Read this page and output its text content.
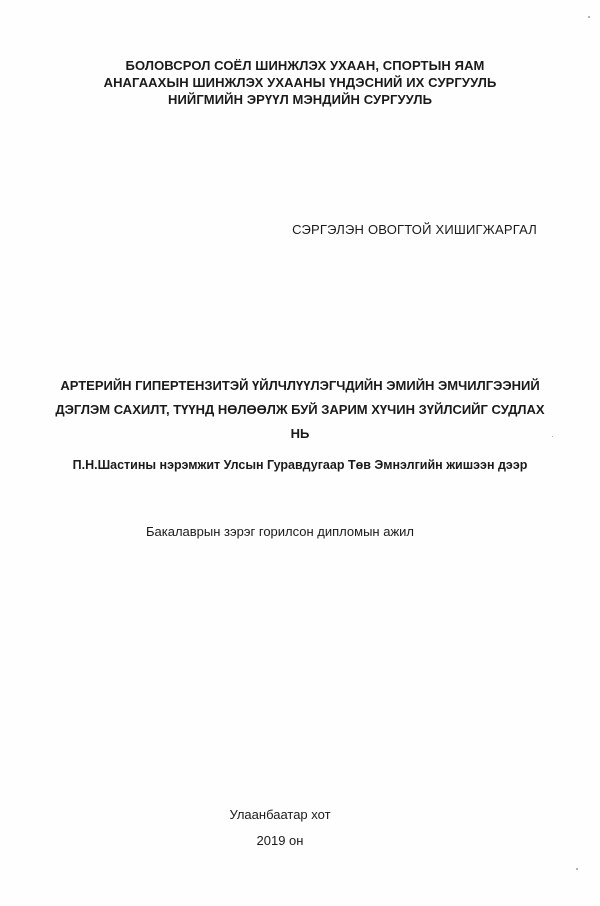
БОЛОВСРОЛ СОЁЛ ШИНЖЛЭХ УХААН, СПОРТЫН ЯАМ
АНАГААХЫН ШИНЖЛЭХ УХААНЫ ҮНДЭСНИЙ ИХ СУРГУУЛЬ
НИЙГМИЙН ЭРҮҮЛ МЭНДИЙН СУРГУУЛЬ
СЭРГЭЛЭН ОВОГТОЙ ХИШИГЖАРГАЛ
АРТЕРИЙН ГИПЕРТЕНЗИТЭЙ ҮЙЛЧЛҮҮЛЭГЧДИЙН ЭМИЙН ЭМЧИЛГЭЭНИЙ
ДЭГЛЭМ САХИЛТ, ТҮҮНД НӨЛӨӨЛЖ БУЙ ЗАРИМ ХҮЧИН ЗҮЙЛСИЙГ СУДЛАХ
НЬ
П.Н.Шастины нэрэмжит Улсын Гуравдугаар Төв Эмнэлгийн жишээн дээр
Бакалаврын зэрэг горилсон дипломын ажил
Улаанбаатар хот
2019 он
